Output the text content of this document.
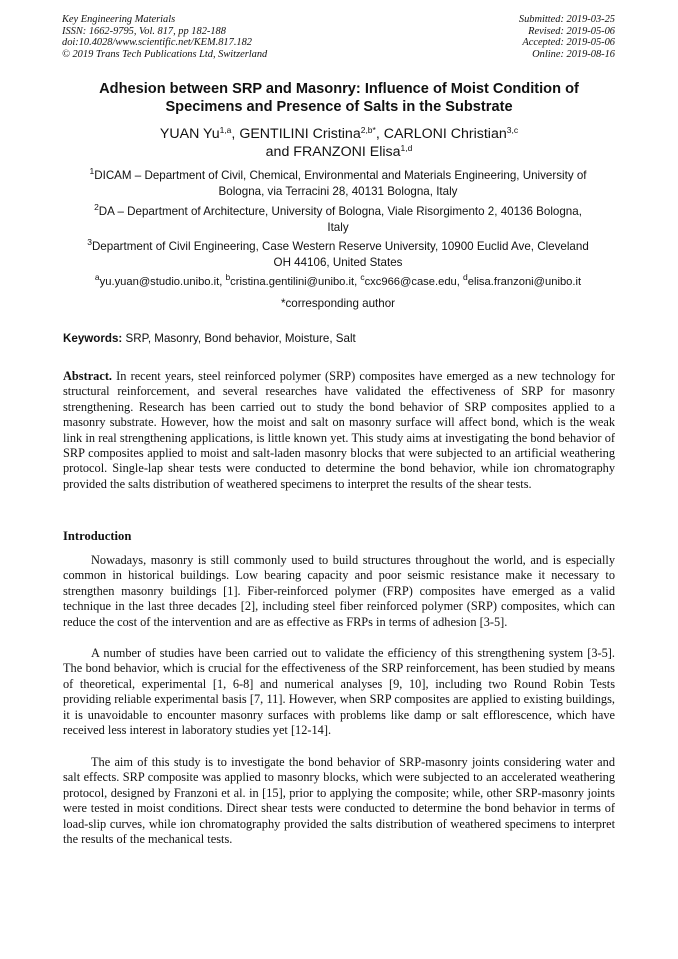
Key Engineering Materials
ISSN: 1662-9795, Vol. 817, pp 182-188
doi:10.4028/www.scientific.net/KEM.817.182
© 2019 Trans Tech Publications Ltd, Switzerland
Submitted: 2019-03-25
Revised: 2019-05-06
Accepted: 2019-05-06
Online: 2019-08-16
Adhesion between SRP and Masonry: Influence of Moist Condition of
Specimens and Presence of Salts in the Substrate
YUAN Yu$^{1,a}$, GENTILINI Cristina$^{2,b*}$, CARLONI Christian$^{3,c}$
and FRANZONI Elisa$^{1,d}$
$^1$DICAM – Department of Civil, Chemical, Environmental and Materials Engineering, University of
Bologna, via Terracini 28, 40131 Bologna, Italy
$^2$DA – Department of Architecture, University of Bologna, Viale Risorgimento 2, 40136 Bologna,
Italy
$^3$Department of Civil Engineering, Case Western Reserve University, 10900 Euclid Ave, Cleveland
OH 44106, United States
$^a$yu.yuan@studio.unibo.it, $^b$cristina.gentilini@unibo.it, $^c$cxc966@case.edu, $^d$elisa.franzoni@unibo.it
*corresponding author
Keywords: SRP, Masonry, Bond behavior, Moisture, Salt
Abstract. In recent years, steel reinforced polymer (SRP) composites have emerged as a new technology for structural reinforcement, and several researches have validated the effectiveness of SRP for masonry strengthening. Research has been carried out to study the bond behavior of SRP composites applied to a masonry substrate. However, how the moist and salt on masonry surface will affect bond, which is the weak link in real strengthening applications, is little known yet. This study aims at investigating the bond behavior of SRP composites applied to moist and salt-laden masonry blocks that were subjected to an artificial weathering protocol. Single-lap shear tests were conducted to determine the bond behavior, while ion chromatography provided the salts distribution of weathered specimens to interpret the results of the shear tests.
Introduction
Nowadays, masonry is still commonly used to build structures throughout the world, and is especially common in historical buildings. Low bearing capacity and poor seismic resistance make it necessary to strengthen masonry buildings [1]. Fiber-reinforced polymer (FRP) composites have emerged as a valid technique in the last three decades [2], including steel fiber reinforced polymer (SRP) composites, which can reduce the cost of the intervention and are as effective as FRPs in terms of adhesion [3-5].
A number of studies have been carried out to validate the efficiency of this strengthening system [3-5]. The bond behavior, which is crucial for the effectiveness of the SRP reinforcement, has been studied by means of theoretical, experimental [1, 6-8] and numerical analyses [9, 10], including two Round Robin Tests providing reliable experimental basis [7, 11]. However, when SRP composites are applied to existing buildings, it is unavoidable to encounter masonry surfaces with problems like damp or salt efflorescence, which have received less interest in laboratory studies yet [12-14].
The aim of this study is to investigate the bond behavior of SRP-masonry joints considering water and salt effects. SRP composite was applied to masonry blocks, which were subjected to an accelerated weathering protocol, designed by Franzoni et al. in [15], prior to applying the composite; while, other SRP-masonry joints were tested in moist conditions. Direct shear tests were conducted to determine the bond behavior in terms of load-slip curves, while ion chromatography provided the salts distribution of weathered specimens to interpret the results of the mechanical tests.
